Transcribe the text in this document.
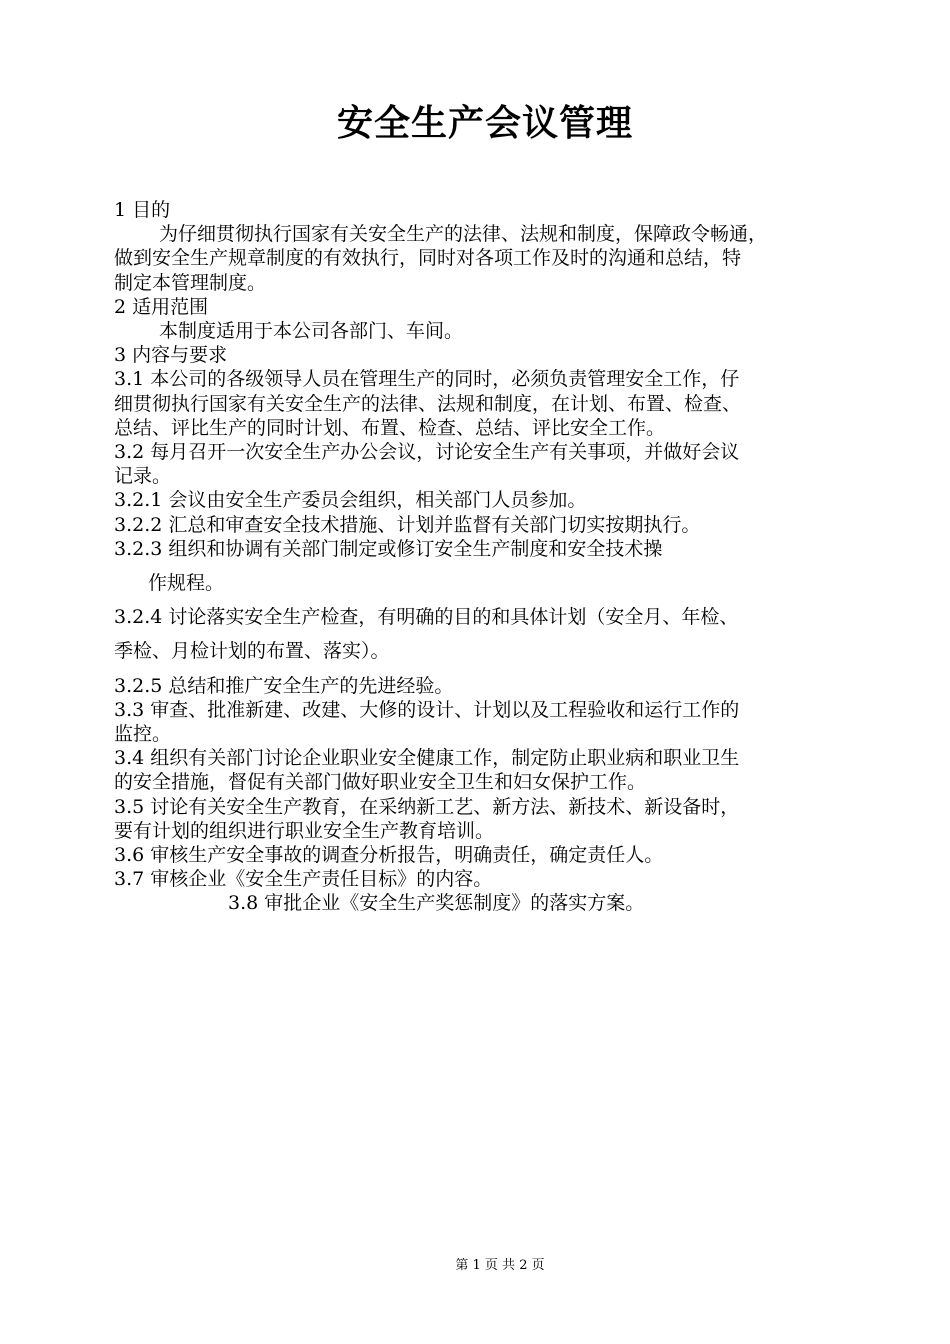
安全生产会议管理

1 目的

为仔细贯彻执行国家有关安全生产的法律、法规和制度，保障政令畅通，

做到安全生产规章制度的有效执行，同时对各项工作及时的沟通和总结，特

制定本管理制度。

2 适用范围

本制度适用于本公司各部门、车间。

3 内容与要求

3.1 本公司的各级领导人员在管理生产的同时，必须负责管理安全工作，仔

细贯彻执行国家有关安全生产的法律、法规和制度，在计划、布置、检查、

总结、评比生产的同时计划、布置、检查、总结、评比安全工作。

3.2 每月召开一次安全生产办公会议，讨论安全生产有关事项，并做好会议

记录。

3.2.1 会议由安全生产委员会组织，相关部门人员参加。

3.2.2 汇总和审查安全技术措施、计划并监督有关部门切实按期执行。

3.2.3 组织和协调有关部门制定或修订安全生产制度和安全技术操

作规程。

3.2.4 讨论落实安全生产检查，有明确的目的和具体计划（安全月、年检、

季检、月检计划的布置、落实）。

3.2.5 总结和推广安全生产的先进经验。

3.3 审查、批准新建、改建、大修的设计、计划以及工程验收和运行工作的

监控。

3.4 组织有关部门讨论企业职业安全健康工作，制定防止职业病和职业卫生

的安全措施，督促有关部门做好职业安全卫生和妇女保护工作。

3.5 讨论有关安全生产教育，在采纳新工艺、新方法、新技术、新设备时，

要有计划的组织进行职业安全生产教育培训。

3.6 审核生产安全事故的调查分析报告，明确责任，确定责任人。

3.7 审核企业《安全生产责任目标》的内容。

3.8 审批企业《安全生产奖惩制度》的落实方案。

第 1 页 共 2 页
